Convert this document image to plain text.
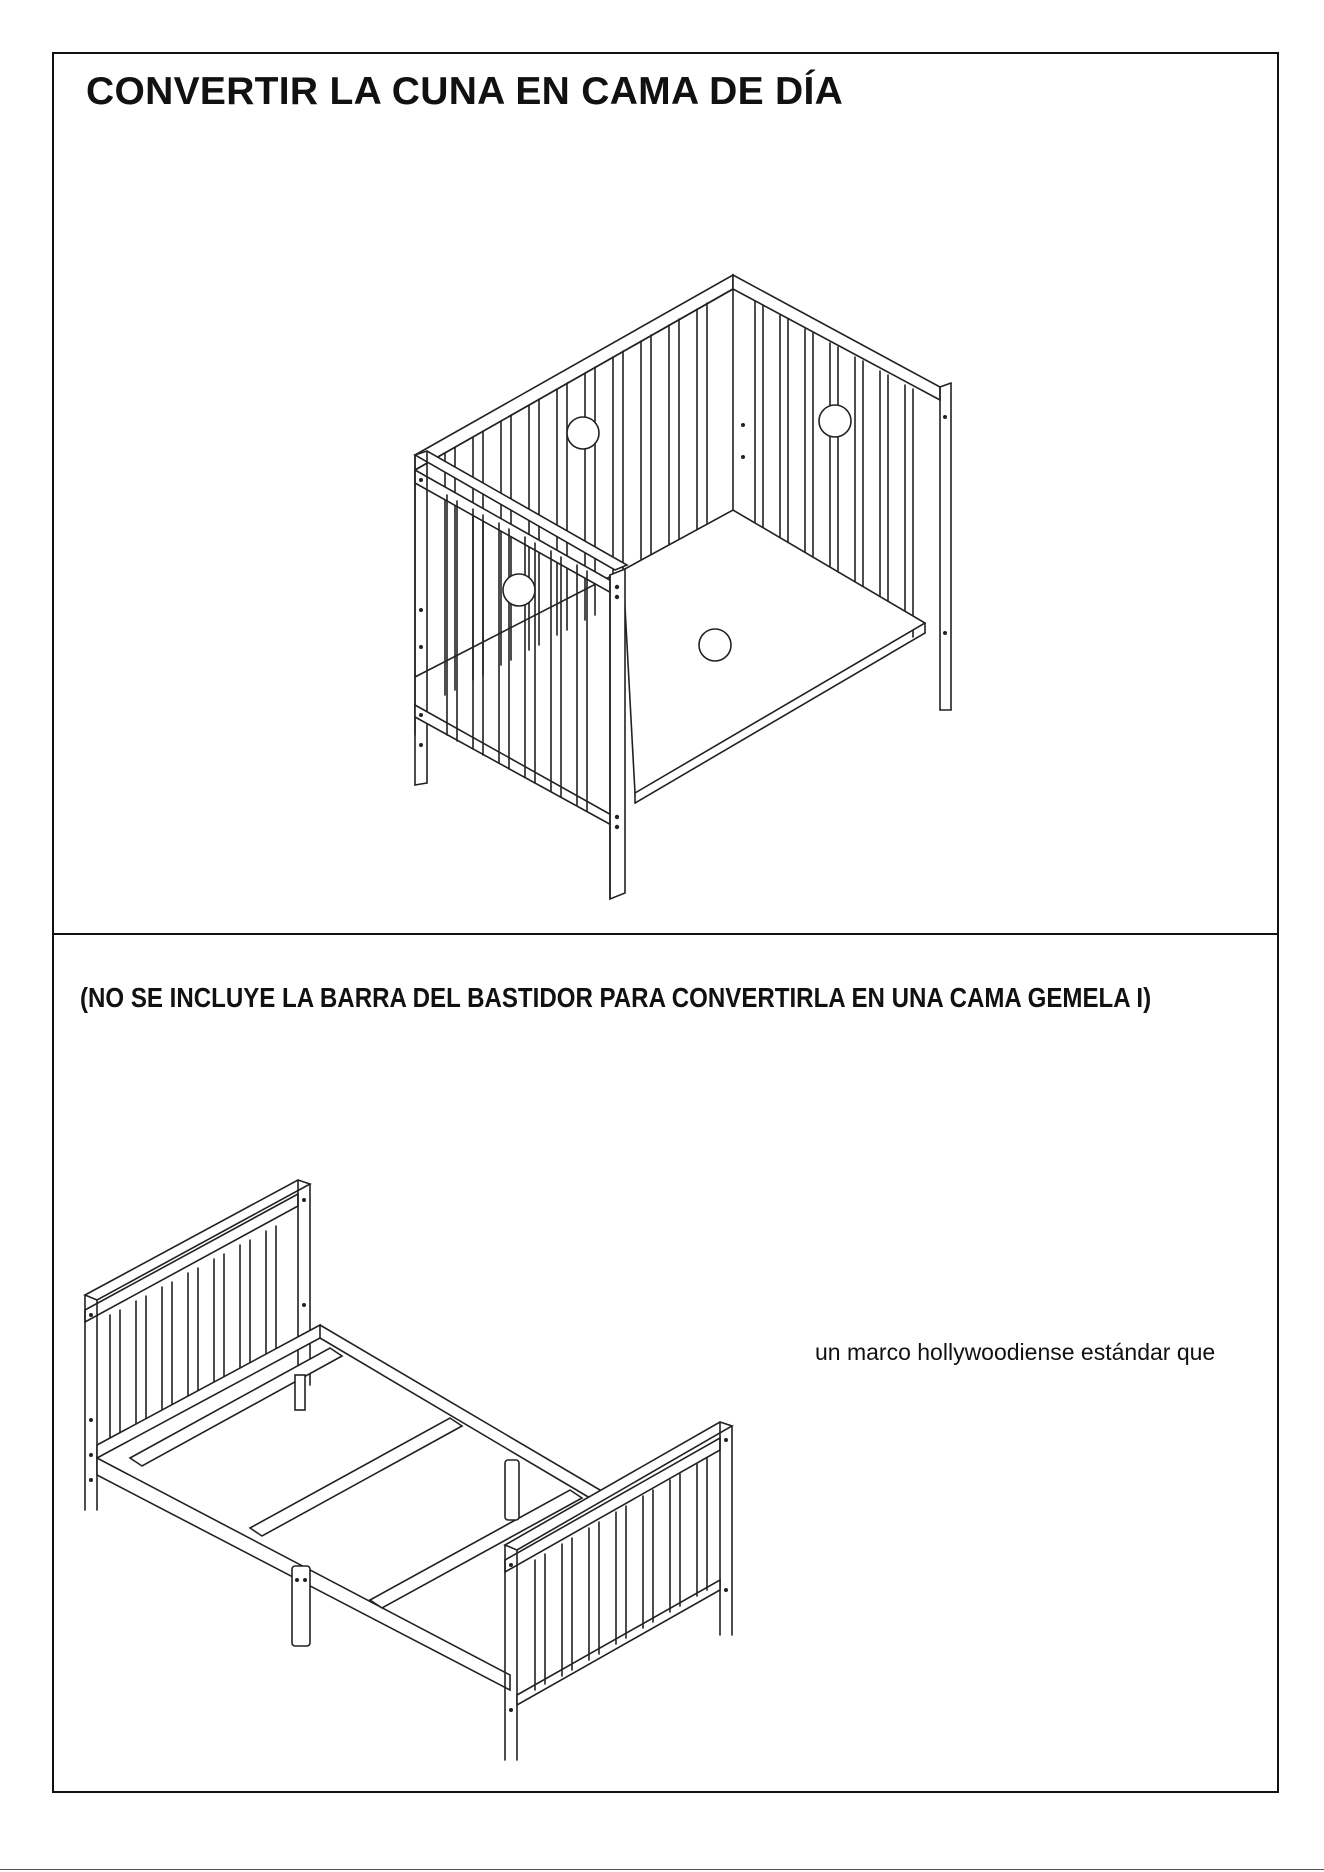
CONVERTIR LA CUNA EN CAMA DE DÍA
(NO SE INCLUYE LA BARRA DEL BASTIDOR PARA CONVERTIRLA EN UNA CAMA GEMELA I)
un marco hollywoodiense estándar que
